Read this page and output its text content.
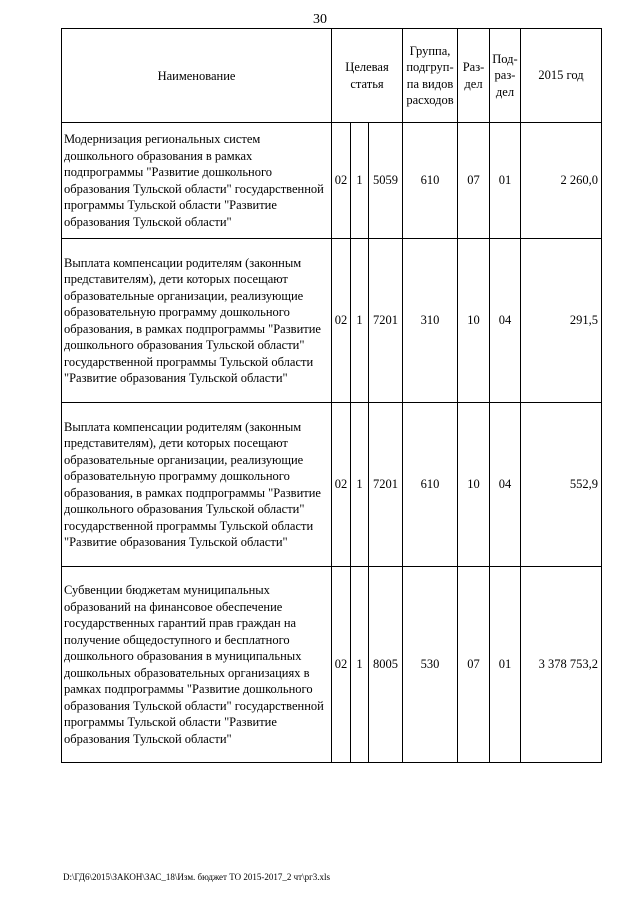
30
Наименование	Целевая статья			Группа, подгруп- па видов расходов	Раз- дел	Под- раз- дел	2015 год
Модернизация региональных систем дошкольного образования в рамках подпрограммы "Развитие дошкольного образования Тульской области" государственной программы Тульской области "Развитие образования Тульской области"	02	1	5059	610	07	01	2 260,0
Выплата компенсации родителям (законным представителям), дети которых посещают образовательные организации, реализующие образовательную программу дошкольного образования, в рамках подпрограммы "Развитие дошкольного образования Тульской области" государственной программы Тульской области "Развитие образования Тульской области"	02	1	7201	310	10	04	291,5
Выплата компенсации родителям (законным представителям), дети которых посещают образовательные организации, реализующие образовательную программу дошкольного образования, в рамках подпрограммы "Развитие дошкольного образования Тульской области" государственной программы Тульской области "Развитие образования Тульской области"	02	1	7201	610	10	04	552,9
Субвенции бюджетам муниципальных образований на финансовое обеспечение государственных гарантий прав граждан на получение общедоступного и бесплатного дошкольного образования в муниципальных дошкольных образовательных организациях в рамках подпрограммы "Развитие дошкольного образования Тульской области" государственной программы Тульской области "Развитие образования Тульской области"	02	1	8005	530	07	01	3 378 753,2
D:\ГД6\2015\ЗАКОН\ЗАС_18\Изм. бюджет ТО 2015-2017_2 чт\рг3.xls
